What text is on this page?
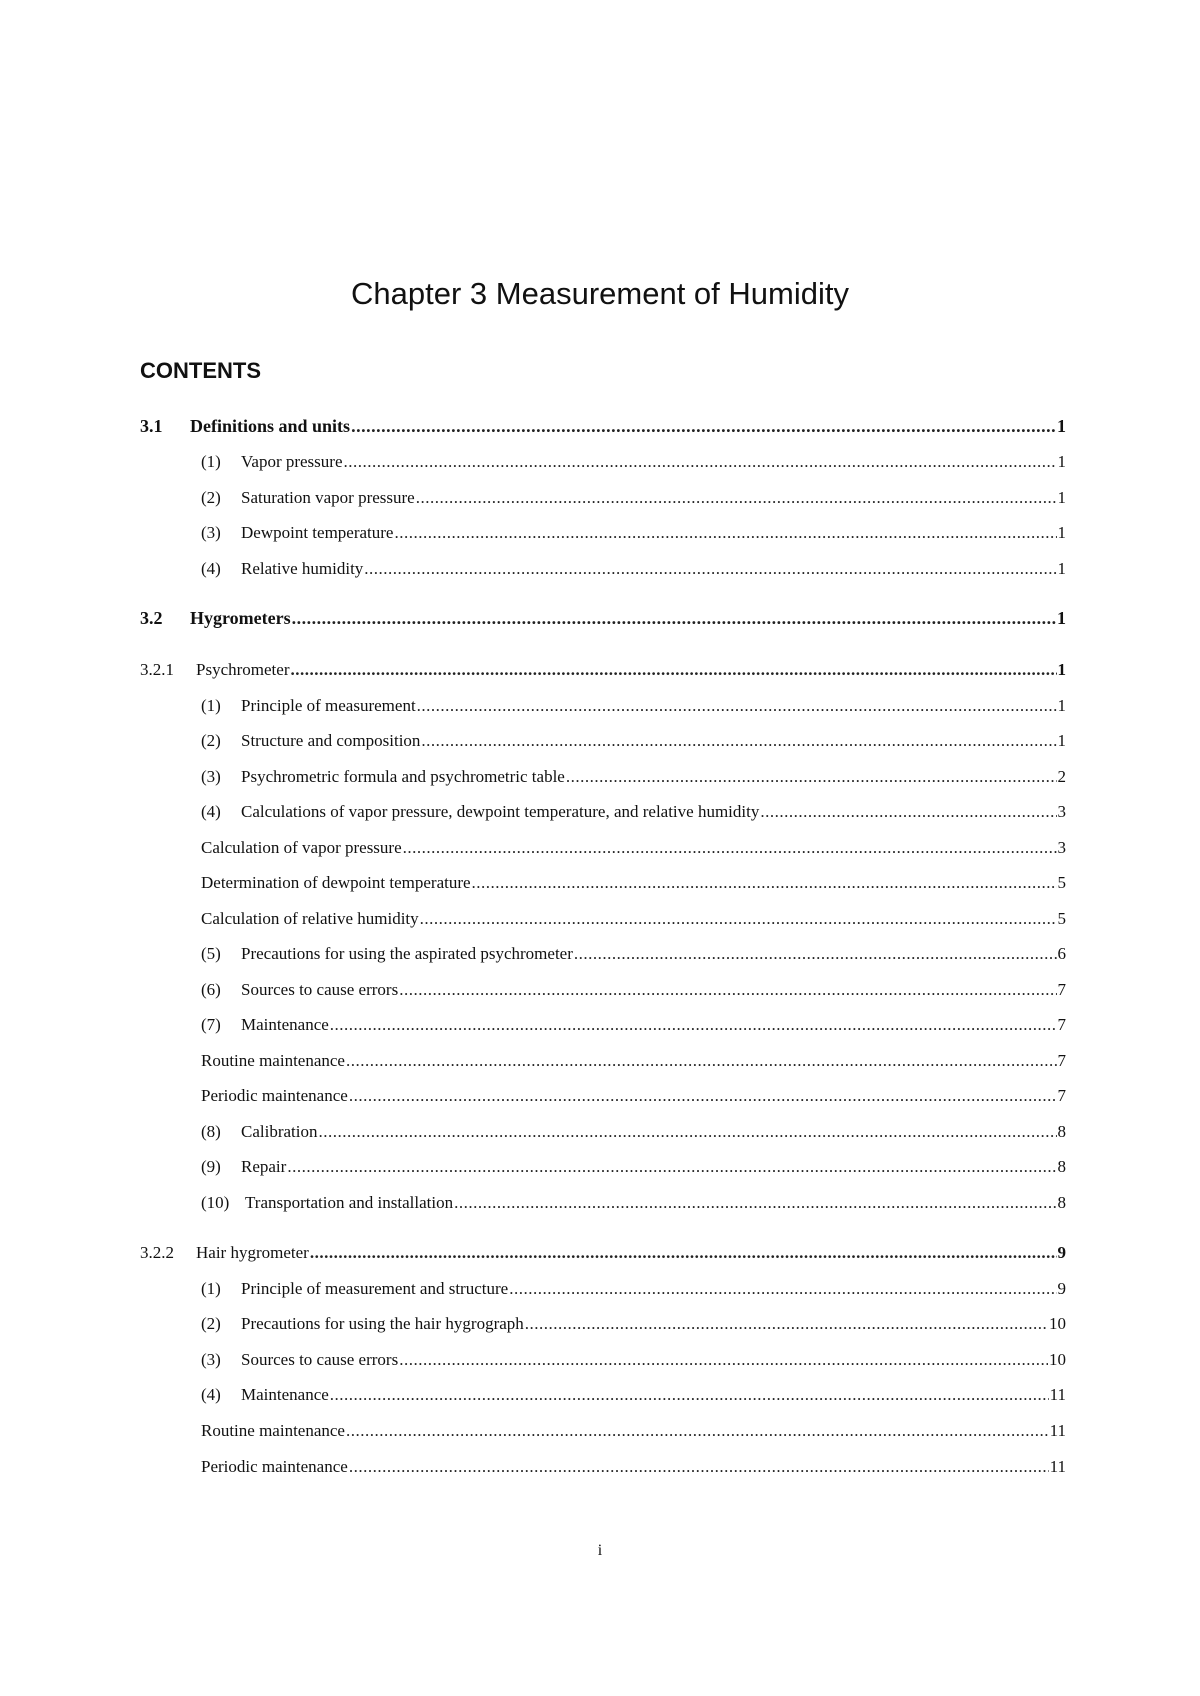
Chapter 3 Measurement of Humidity
CONTENTS
3.1	Definitions and units .....	1
(1)	Vapor pressure .....	1
(2)	Saturation vapor pressure .....	1
(3)	Dewpoint temperature .....	1
(4)	Relative humidity .....	1
3.2	Hygrometers .....	1
3.2.1	Psychrometer .....	1
(1)	Principle of measurement .....	1
(2)	Structure and composition .....	1
(3)	Psychrometric formula and psychrometric table .....	2
(4)	Calculations of vapor pressure, dewpoint temperature, and relative humidity .....	3
Calculation of vapor pressure .....	3
Determination of dewpoint temperature .....	5
Calculation of relative humidity .....	5
(5)	Precautions for using the aspirated psychrometer .....	6
(6)	Sources to cause errors .....	7
(7)	Maintenance .....	7
Routine maintenance .....	7
Periodic maintenance .....	7
(8)	Calibration .....	8
(9)	Repair .....	8
(10) Transportation and installation .....	8
3.2.2	Hair hygrometer .....	9
(1)	Principle of measurement and structure .....	9
(2)	Precautions for using the hair hygrograph .....	10
(3)	Sources to cause errors .....	10
(4)	Maintenance .....	11
Routine maintenance .....	11
Periodic maintenance .....	11

i
